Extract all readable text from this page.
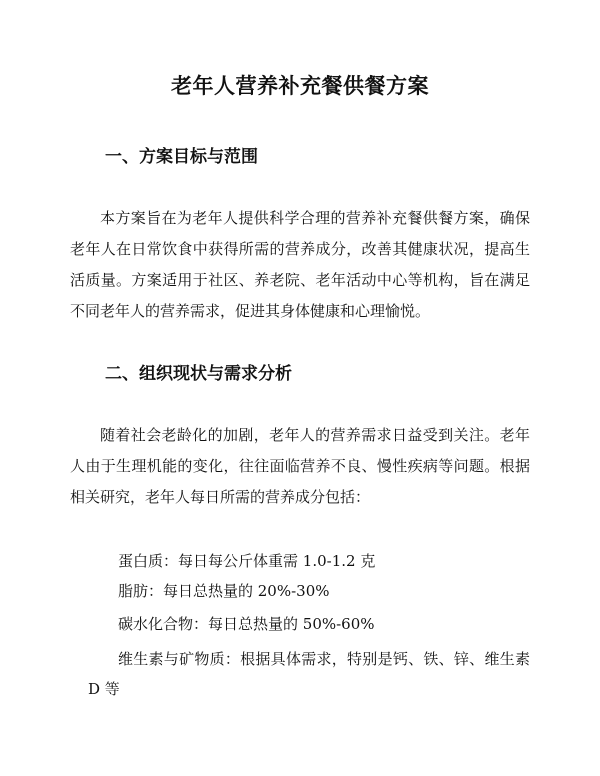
老年人营养补充餐供餐方案
一、方案目标与范围
本方案旨在为老年人提供科学合理的营养补充餐供餐方案，确保老年人在日常饮食中获得所需的营养成分，改善其健康状况，提高生活质量。方案适用于社区、养老院、老年活动中心等机构，旨在满足不同老年人的营养需求，促进其身体健康和心理愉悦。
二、组织现状与需求分析
随着社会老龄化的加剧，老年人的营养需求日益受到关注。老年人由于生理机能的变化，往往面临营养不良、慢性疾病等问题。根据相关研究，老年人每日所需的营养成分包括：
蛋白质：每日每公斤体重需 1.0-1.2 克
脂肪：每日总热量的 20%-30%
碳水化合物：每日总热量的 50%-60%
维生素与矿物质：根据具体需求，特别是钙、铁、锌、维生素 D 等
